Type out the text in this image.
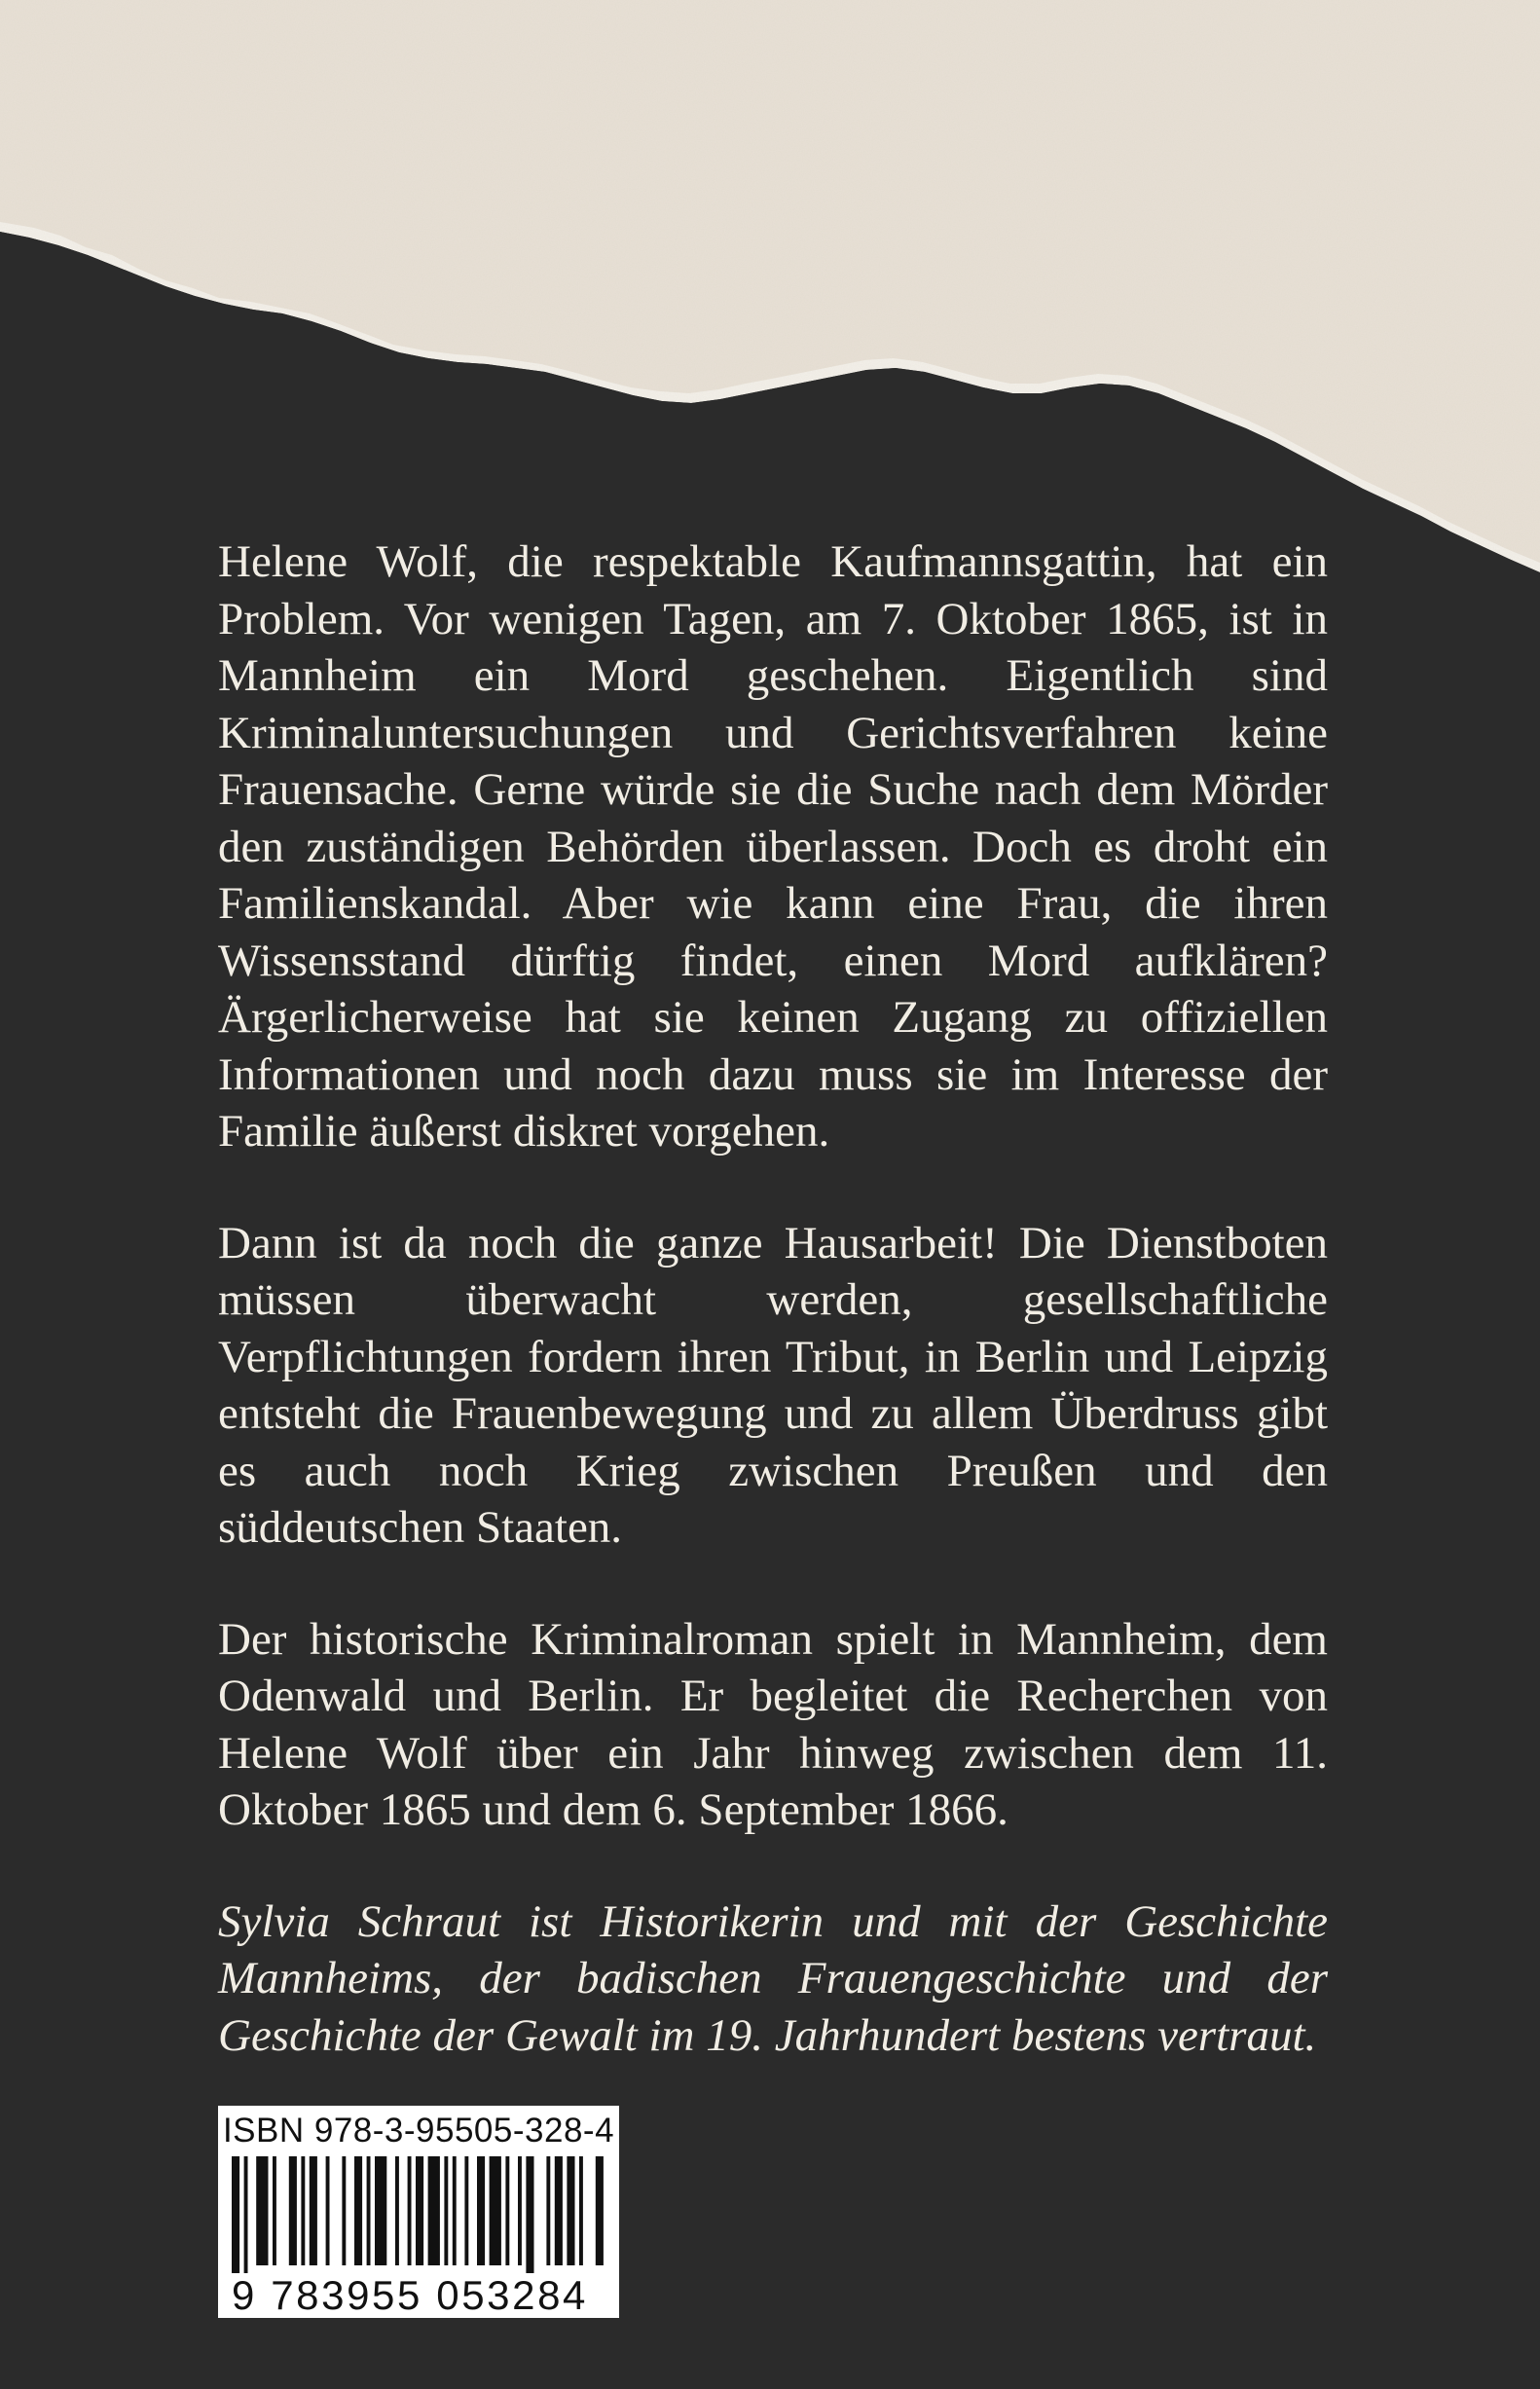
Helene Wolf, die respektable Kaufmannsgattin, hat ein Problem. Vor wenigen Tagen, am 7. Oktober 1865, ist in Mannheim ein Mord geschehen. Eigentlich sind Kriminaluntersuchungen und Gerichtsverfahren keine Frauensache. Gerne würde sie die Suche nach dem Mörder den zuständigen Behörden überlassen. Doch es droht ein Familienskandal. Aber wie kann eine Frau, die ihren Wissensstand dürftig findet, einen Mord aufklären? Ärgerlicherweise hat sie keinen Zugang zu offiziellen Informationen und noch dazu muss sie im Interesse der Familie äußerst diskret vorgehen.

Dann ist da noch die ganze Hausarbeit! Die Dienstboten müssen überwacht werden, gesellschaftliche Verpflichtungen fordern ihren Tribut, in Berlin und Leipzig entsteht die Frauenbewegung und zu allem Überdruss gibt es auch noch Krieg zwischen Preußen und den süddeutschen Staaten.

Der historische Kriminalroman spielt in Mannheim, dem Odenwald und Berlin. Er begleitet die Recherchen von Helene Wolf über ein Jahr hinweg zwischen dem 11. Oktober 1865 und dem 6. September 1866.

Sylvia Schraut ist Historikerin und mit der Geschichte Mannheims, der badischen Frauengeschichte und der Geschichte der Gewalt im 19. Jahrhundert bestens vertraut.

ISBN 978-3-95505-328-4
9 783955 053284
